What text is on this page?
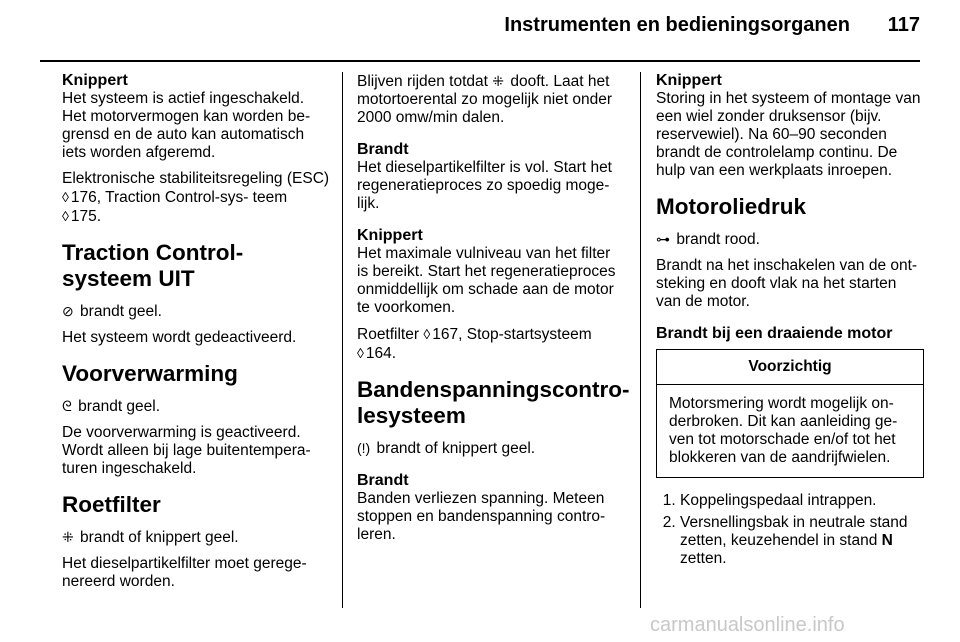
Instrumenten en bedieningsorganen 117
Knippert

Het systeem is actief ingeschakeld. Het motorvermogen kan worden be- grensd en de auto kan automatisch iets worden afgeremd.

Elektronische stabiliteitsregeling (ESC) ◊ 176, Traction Control-sys- teem ◊ 175.

Traction Control-systeem UIT

⊘ brandt geel.

Het systeem wordt gedeactiveerd.

Voorverwarming

ᘓ brandt geel.

De voorverwarming is geactiveerd. Wordt alleen bij lage buitentempera- turen ingeschakeld.

Roetfilter

⁜ brandt of knippert geel.

Het dieselpartikelfilter moet gerege- nereerd worden.

Blijven rijden totdat ⁜ dooft. Laat het motortoerental zo mogelijk niet onder 2000 omw/min dalen.

Brandt

Het dieselpartikelfilter is vol. Start het regeneratieproces zo spoedig moge- lijk.

Knippert

Het maximale vulniveau van het filter is bereikt. Start het regeneratieproces onmiddellijk om schade aan de motor te voorkomen.

Roetfilter ◊ 167, Stop-startsysteem ◊ 164.

Bandenspanningscontro- lesysteem

(!) brandt of knippert geel.

Brandt

Banden verliezen spanning. Meteen stoppen en bandenspanning contro- leren.

Knippert

Storing in het systeem of montage van een wiel zonder druksensor (bijv. reservewiel). Na 60–90 seconden brandt de controlelamp continu. De hulp van een werkplaats inroepen.

Motoroliedruk

⊶ brandt rood.

Brandt na het inschakelen van de ont- steking en dooft vlak na het starten van de motor.

Brandt bij een draaiende motor
Voorzichtig
Motorsmering wordt mogelijk on- derbroken. Dit kan aanleiding ge- ven tot motorschade en/of tot het blokkeren van de aandrijfwielen.
1. Koppelingspedaal intrappen.
2. Versnellingsbak in neutrale stand zetten, keuzehendel in stand N zetten.
carmanualsonline.info
